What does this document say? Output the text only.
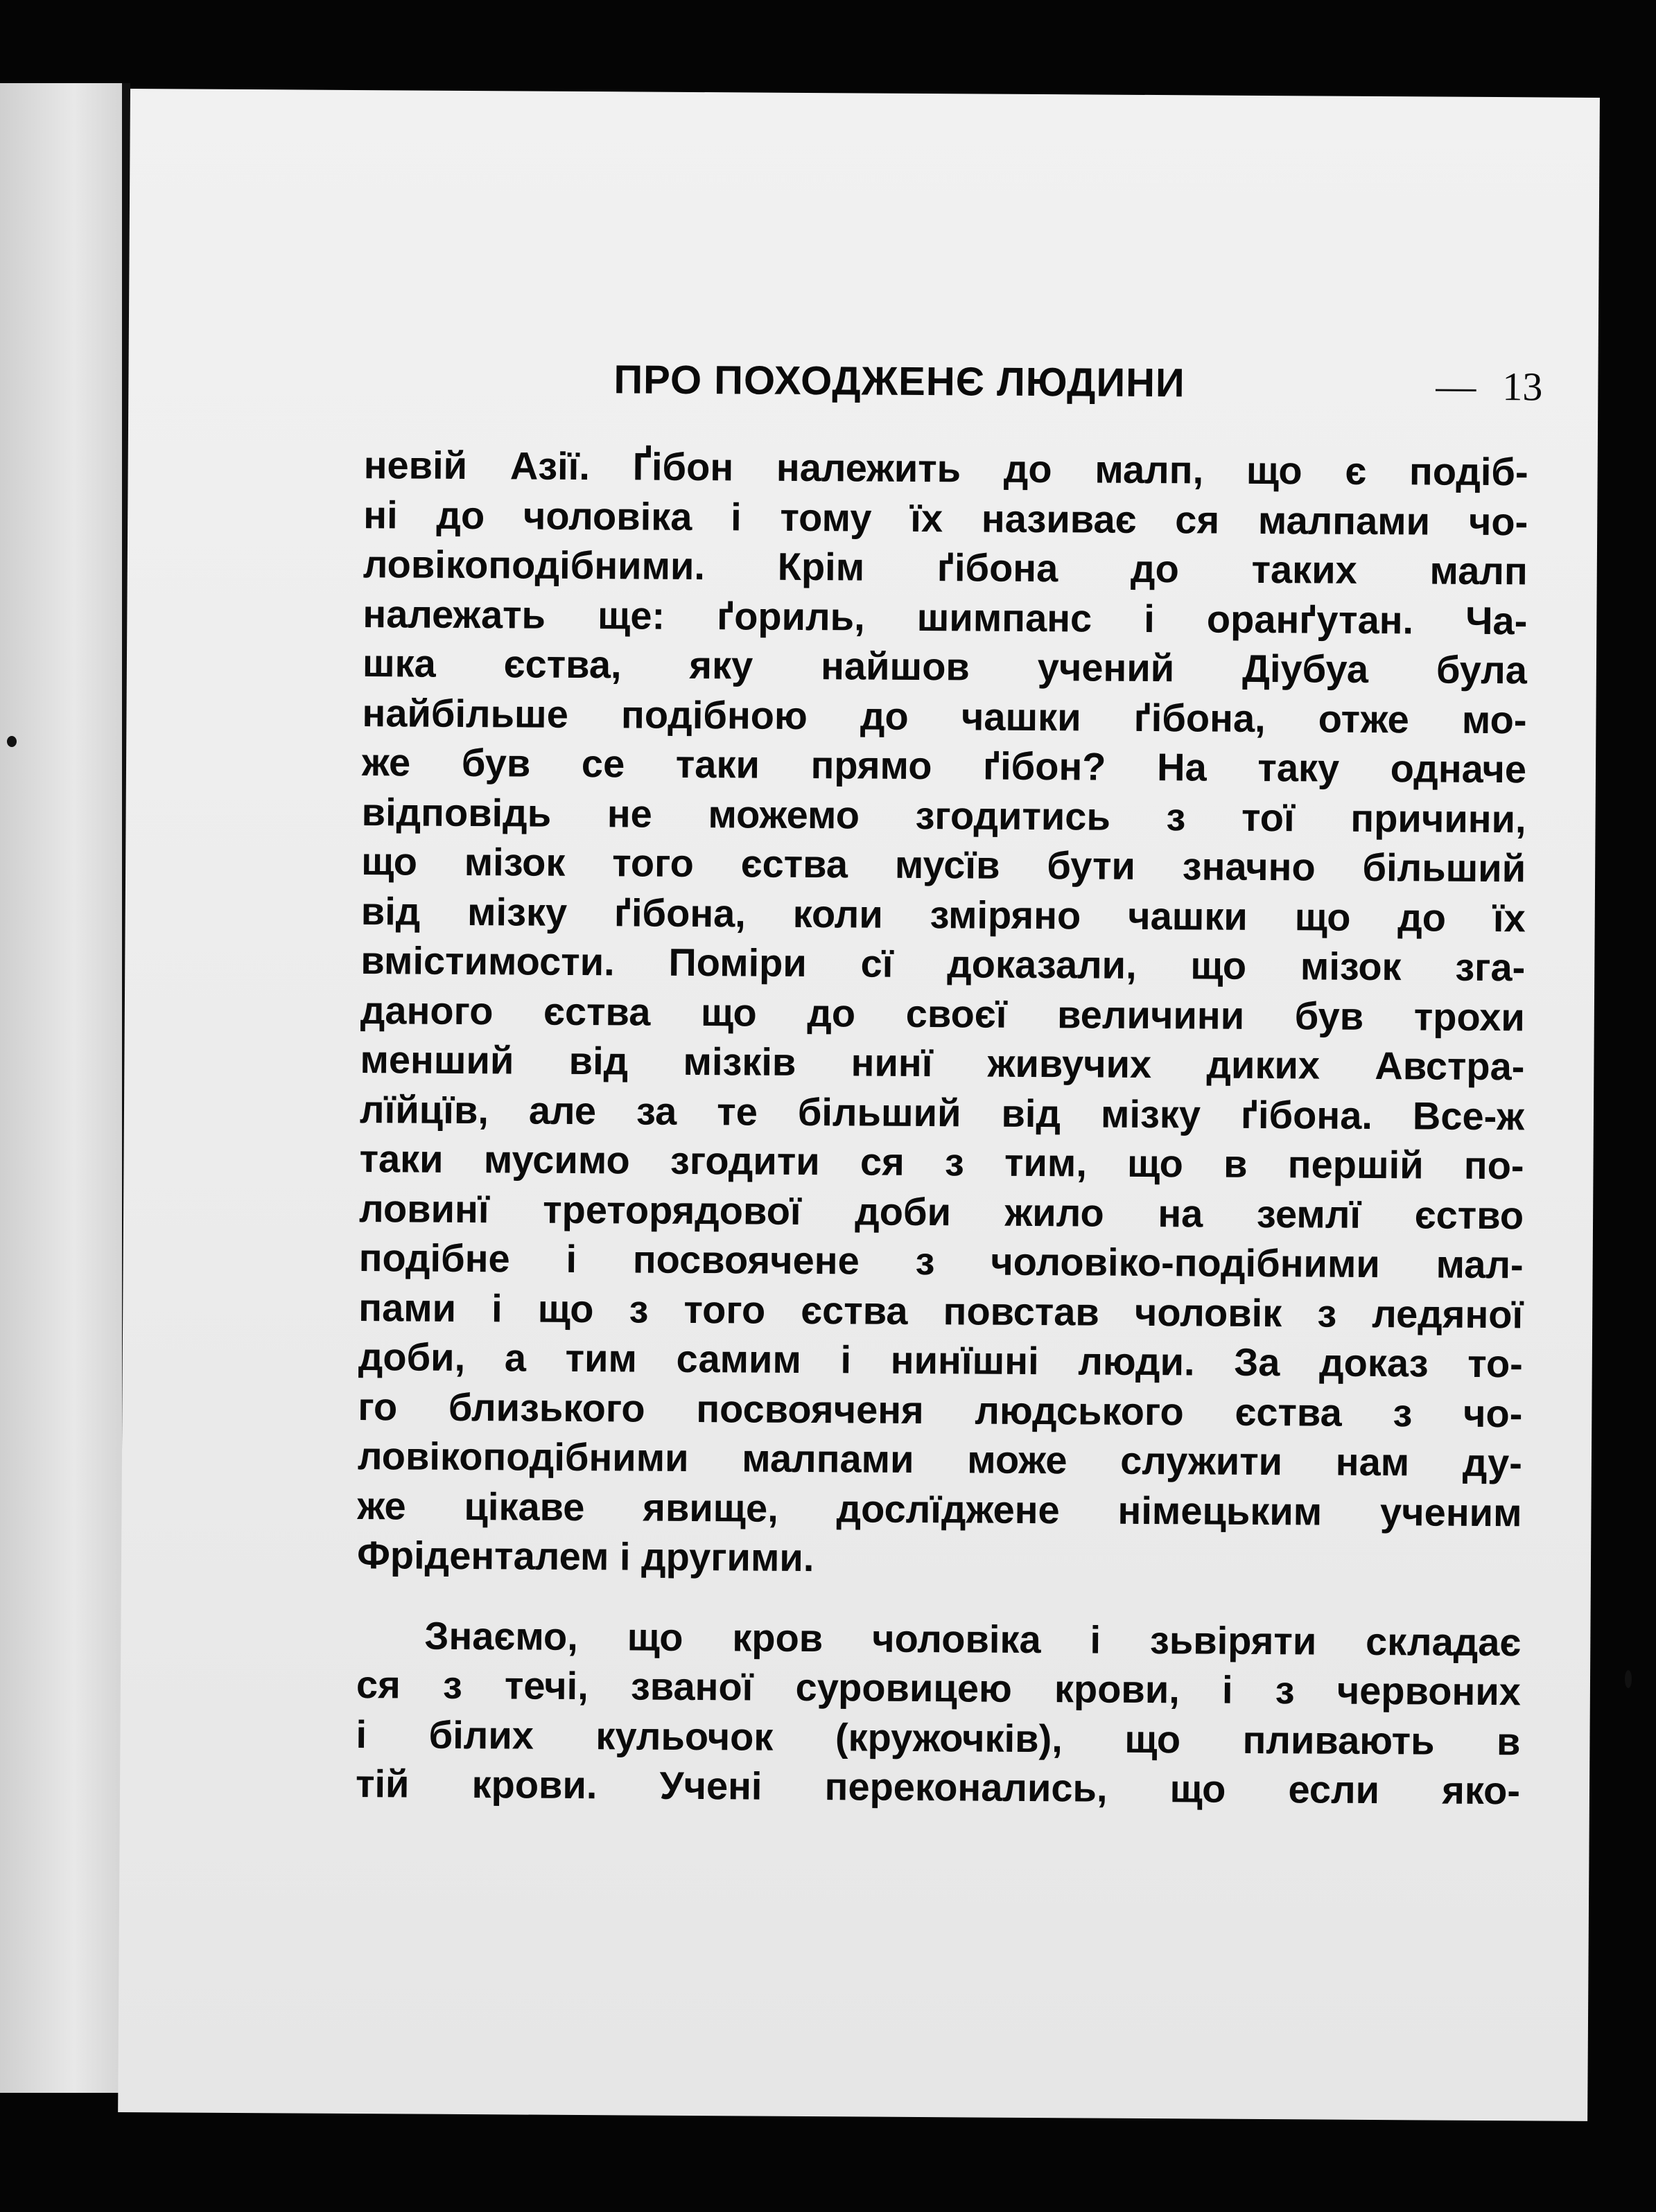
ПРО ПОХОДЖЕНЄ ЛЮДИНИ	— 13
невій Азії. Ґібон належить до малп, що є подіб-
ні до чоловіка і тому їх називає ся малпами чо-
ловікоподібними. Крім ґібона до таких малп
належать ще: ґориль, шимпанс і оранґутан. Ча-
шка єства, яку найшов учений Діубуа була
найбільше подібною до чашки ґібона, отже мо-
же був се таки прямо ґібон? На таку одначе
відповідь не можемо згодитись з тої причини,
що мізок того єства мусїв бути значно більший
від мізку ґібона, коли зміряно чашки що до їх
вмістимости. Поміри сї доказали, що мізок зга-
даного єства що до своєї величини був трохи
менший від мізків нинї живучих диких Австра-
лїйцїв, але за те більший від мізку ґібона. Все-ж
таки мусимо згодити ся з тим, що в першій по-
ловинї треторядової доби жило на землї єство
подібне і посвоячене з чоловіко-подібними мал-
пами і що з того єства повстав чоловік з ледяної
доби, а тим самим і нинїшні люди. За доказ то-
го близького посвояченя людського єства з чо-
ловікоподібними малпами може служити нам ду-
же цікаве явище, дослїджене німецьким ученим
Фріденталем і другими.
Знаємо, що кров чоловіка і зьвіряти складає
ся з течі, званої суровицею крови, і з червоних
і білих кульочок (кружочків), що пливають в
тій крови. Учені переконались, що если яко-
